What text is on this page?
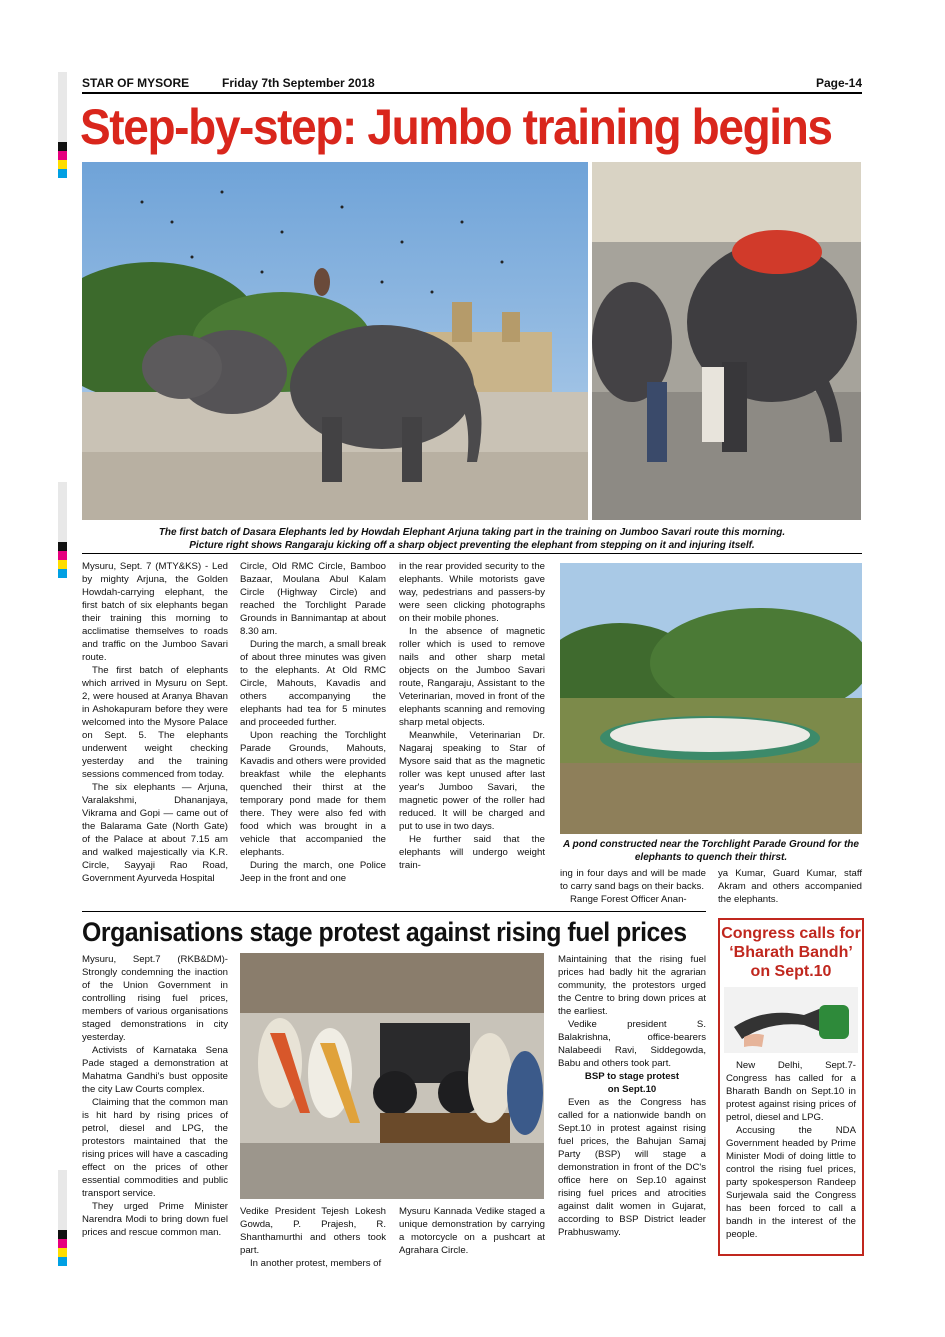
STAR OF MYSORE	Friday 7th September 2018	Page-14
Step-by-step: Jumbo training begins
The first batch of Dasara Elephants led by Howdah Elephant Arjuna taking part in the training on Jumboo Savari route this morning.
Picture right shows Rangaraju kicking off a sharp object preventing the elephant from stepping on it and injuring itself.

Mysuru, Sept. 7 (MTY&KS) - Led by mighty Arjuna, the Golden Howdah-carrying elephant, the first batch of six elephants began their training this morning to acclimatise themselves to roads and traffic on the Jumboo Savari route.

The first batch of elephants which arrived in Mysuru on Sept. 2, were housed at Aranya Bhavan in Ashokapuram before they were welcomed into the Mysore Palace on Sept. 5. The elephants underwent weight checking yesterday and the training sessions commenced from today.

The six elephants — Arjuna, Varalakshmi, Dhananjaya, Vikrama and Gopi — came out of the Balarama Gate (North Gate) of the Palace at about 7.15 am and walked majestically via K.R. Circle, Sayyaji Rao Road, Government Ayurveda Hospital

Circle, Old RMC Circle, Bamboo Bazaar, Moulana Abul Kalam Circle (Highway Circle) and reached the Torchlight Parade Grounds in Bannimantap at about 8.30 am.

During the march, a small break of about three minutes was given to the elephants. At Old RMC Circle, Mahouts, Kavadis and others accompanying the elephants had tea for 5 minutes and proceeded further.

Upon reaching the Torchlight Parade Grounds, Mahouts, Kavadis and others were provided breakfast while the elephants quenched their thirst at the temporary pond made for them there. They were also fed with food which was brought in a vehicle that accompanied the elephants.

During the march, one Police Jeep in the front and one

in the rear provided security to the elephants. While motorists gave way, pedestrians and passers-by were seen clicking photographs on their mobile phones.

In the absence of magnetic roller which is used to remove nails and other sharp metal objects on the Jumboo Savari route, Rangaraju, Assistant to the Veterinarian, moved in front of the elephants scanning and removing sharp metal objects.

Meanwhile, Veterinarian Dr. Nagaraj speaking to Star of Mysore said that as the magnetic roller was kept unused after last year's Jumboo Savari, the magnetic power of the roller had reduced. It will be charged and put to use in two days.

He further said that the elephants will undergo weight train-

A pond constructed near the Torchlight Parade Ground for the elephants to quench their thirst.

ing in four days and will be made to carry sand bags on their backs.

Range Forest Officer Anan-

ya Kumar, Guard Kumar, staff Akram and others accompanied the elephants.

Organisations stage protest against rising fuel prices

Mysuru, Sept.7 (RKB&DM)- Strongly condemning the inaction of the Union Government in controlling rising fuel prices, members of various organisations staged demonstrations in city yesterday.

Activists of Karnataka Sena Pade staged a demonstration at Mahatma Gandhi's bust opposite the city Law Courts complex.

Claiming that the common man is hit hard by rising prices of petrol, diesel and LPG, the protestors maintained that the rising prices will have a cascading effect on the prices of other essential commodities and public transport service.

They urged Prime Minister Narendra Modi to bring down fuel prices and rescue common man.

Vedike President Tejesh Lokesh Gowda, P. Prajesh, R. Shanthamurthi and others took part.

In another protest, members of

Mysuru Kannada Vedike staged a unique demonstration by carrying a motorcycle on a pushcart at Agrahara Circle.

Maintaining that the rising fuel prices had badly hit the agrarian community, the protestors urged the Centre to bring down prices at the earliest.

Vedike president S. Balakrishna, office-bearers Nalabeedi Ravi, Siddegowda, Babu and others took part.

BSP to stage protest

on Sept.10

Even as the Congress has called for a nationwide bandh on Sept.10 in protest against rising fuel prices, the Bahujan Samaj Party (BSP) will stage a demonstration in front of the DC's office here on Sep.10 against rising fuel prices and atrocities against dalit women in Gujarat, according to BSP District leader Prabhuswamy.

Congress calls for
‘Bharath Bandh’
on Sept.10

New Delhi, Sept.7- Congress has called for a Bharath Bandh on Sept.10 in protest against rising prices of petrol, diesel and LPG.

Accusing the NDA Government headed by Prime Minister Modi of doing little to control the rising fuel prices, party spokesperson Randeep Surjewala said the Congress has been forced to call a bandh in the interest of the people.
